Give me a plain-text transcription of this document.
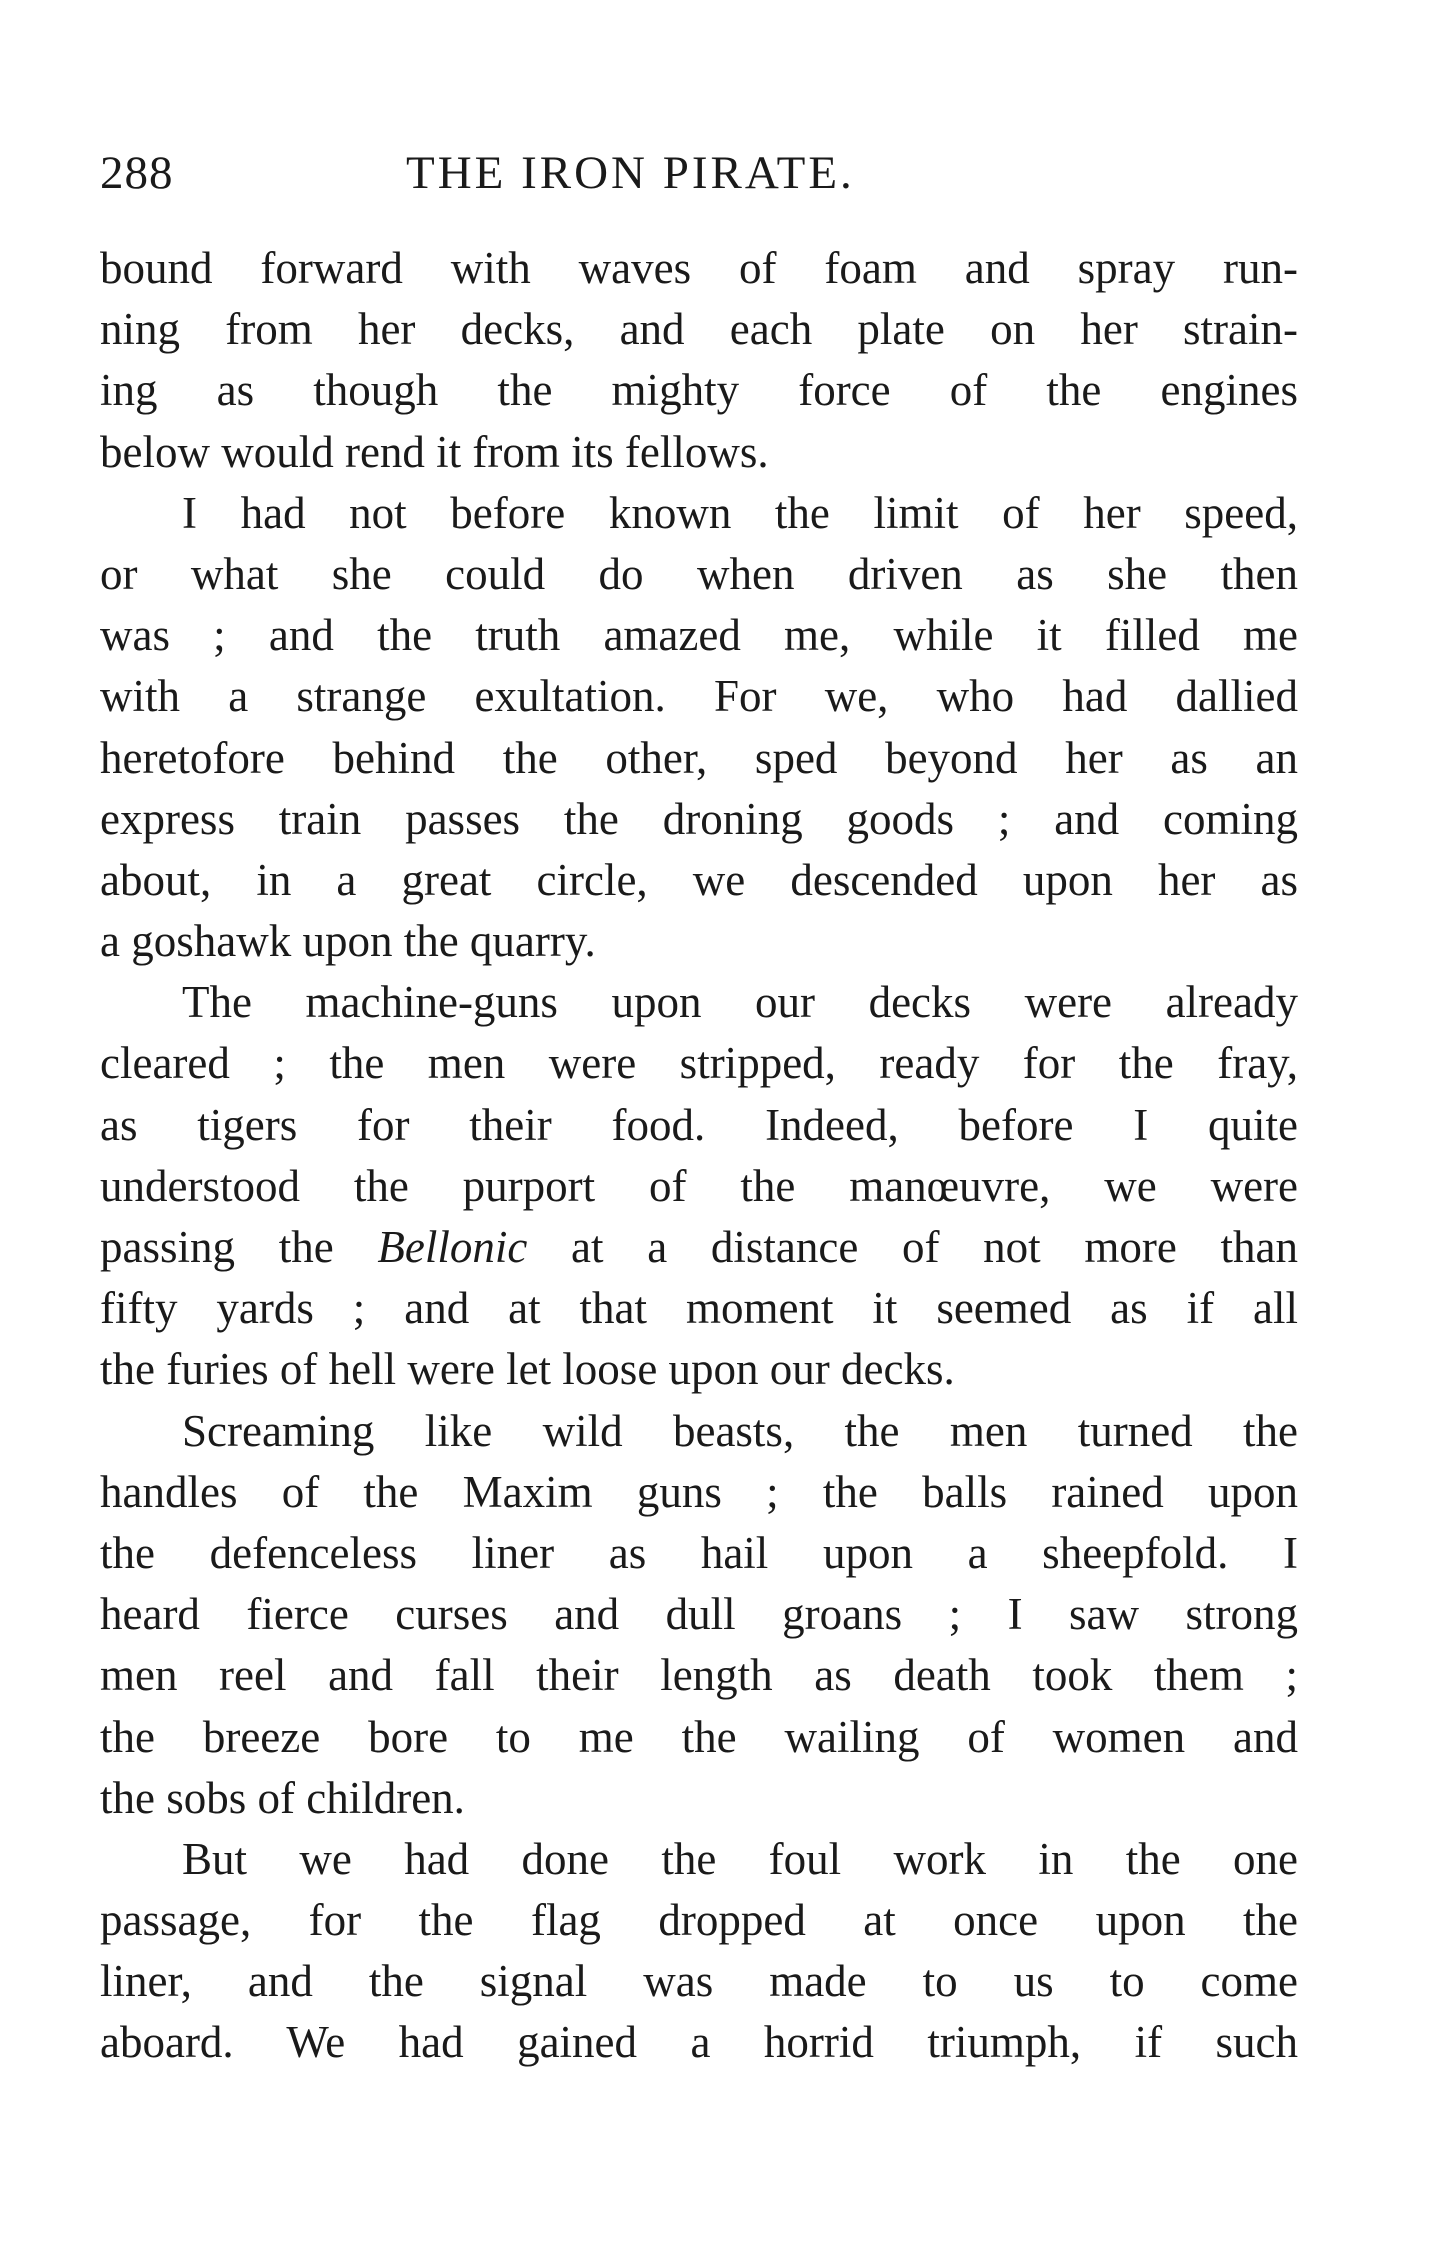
288	THE IRON PIRATE.
bound forward with waves of foam and spray run-
ning from her decks, and each plate on her strain-
ing as though the mighty force of the engines
below would rend it from its fellows.
I had not before known the limit of her speed,
or what she could do when driven as she then
was ; and the truth amazed me, while it filled me
with a strange exultation. For we, who had dallied
heretofore behind the other, sped beyond her as an
express train passes the droning goods ; and coming
about, in a great circle, we descended upon her as
a goshawk upon the quarry.
The machine-guns upon our decks were already
cleared ; the men were stripped, ready for the fray,
as tigers for their food. Indeed, before I quite
understood the purport of the manœuvre, we were
passing the Bellonic at a distance of not more than
fifty yards ; and at that moment it seemed as if all
the furies of hell were let loose upon our decks.
Screaming like wild beasts, the men turned the
handles of the Maxim guns ; the balls rained upon
the defenceless liner as hail upon a sheepfold. I
heard fierce curses and dull groans ; I saw strong
men reel and fall their length as death took them ;
the breeze bore to me the wailing of women and
the sobs of children.
But we had done the foul work in the one
passage, for the flag dropped at once upon the
liner, and the signal was made to us to come
aboard. We had gained a horrid triumph, if such
